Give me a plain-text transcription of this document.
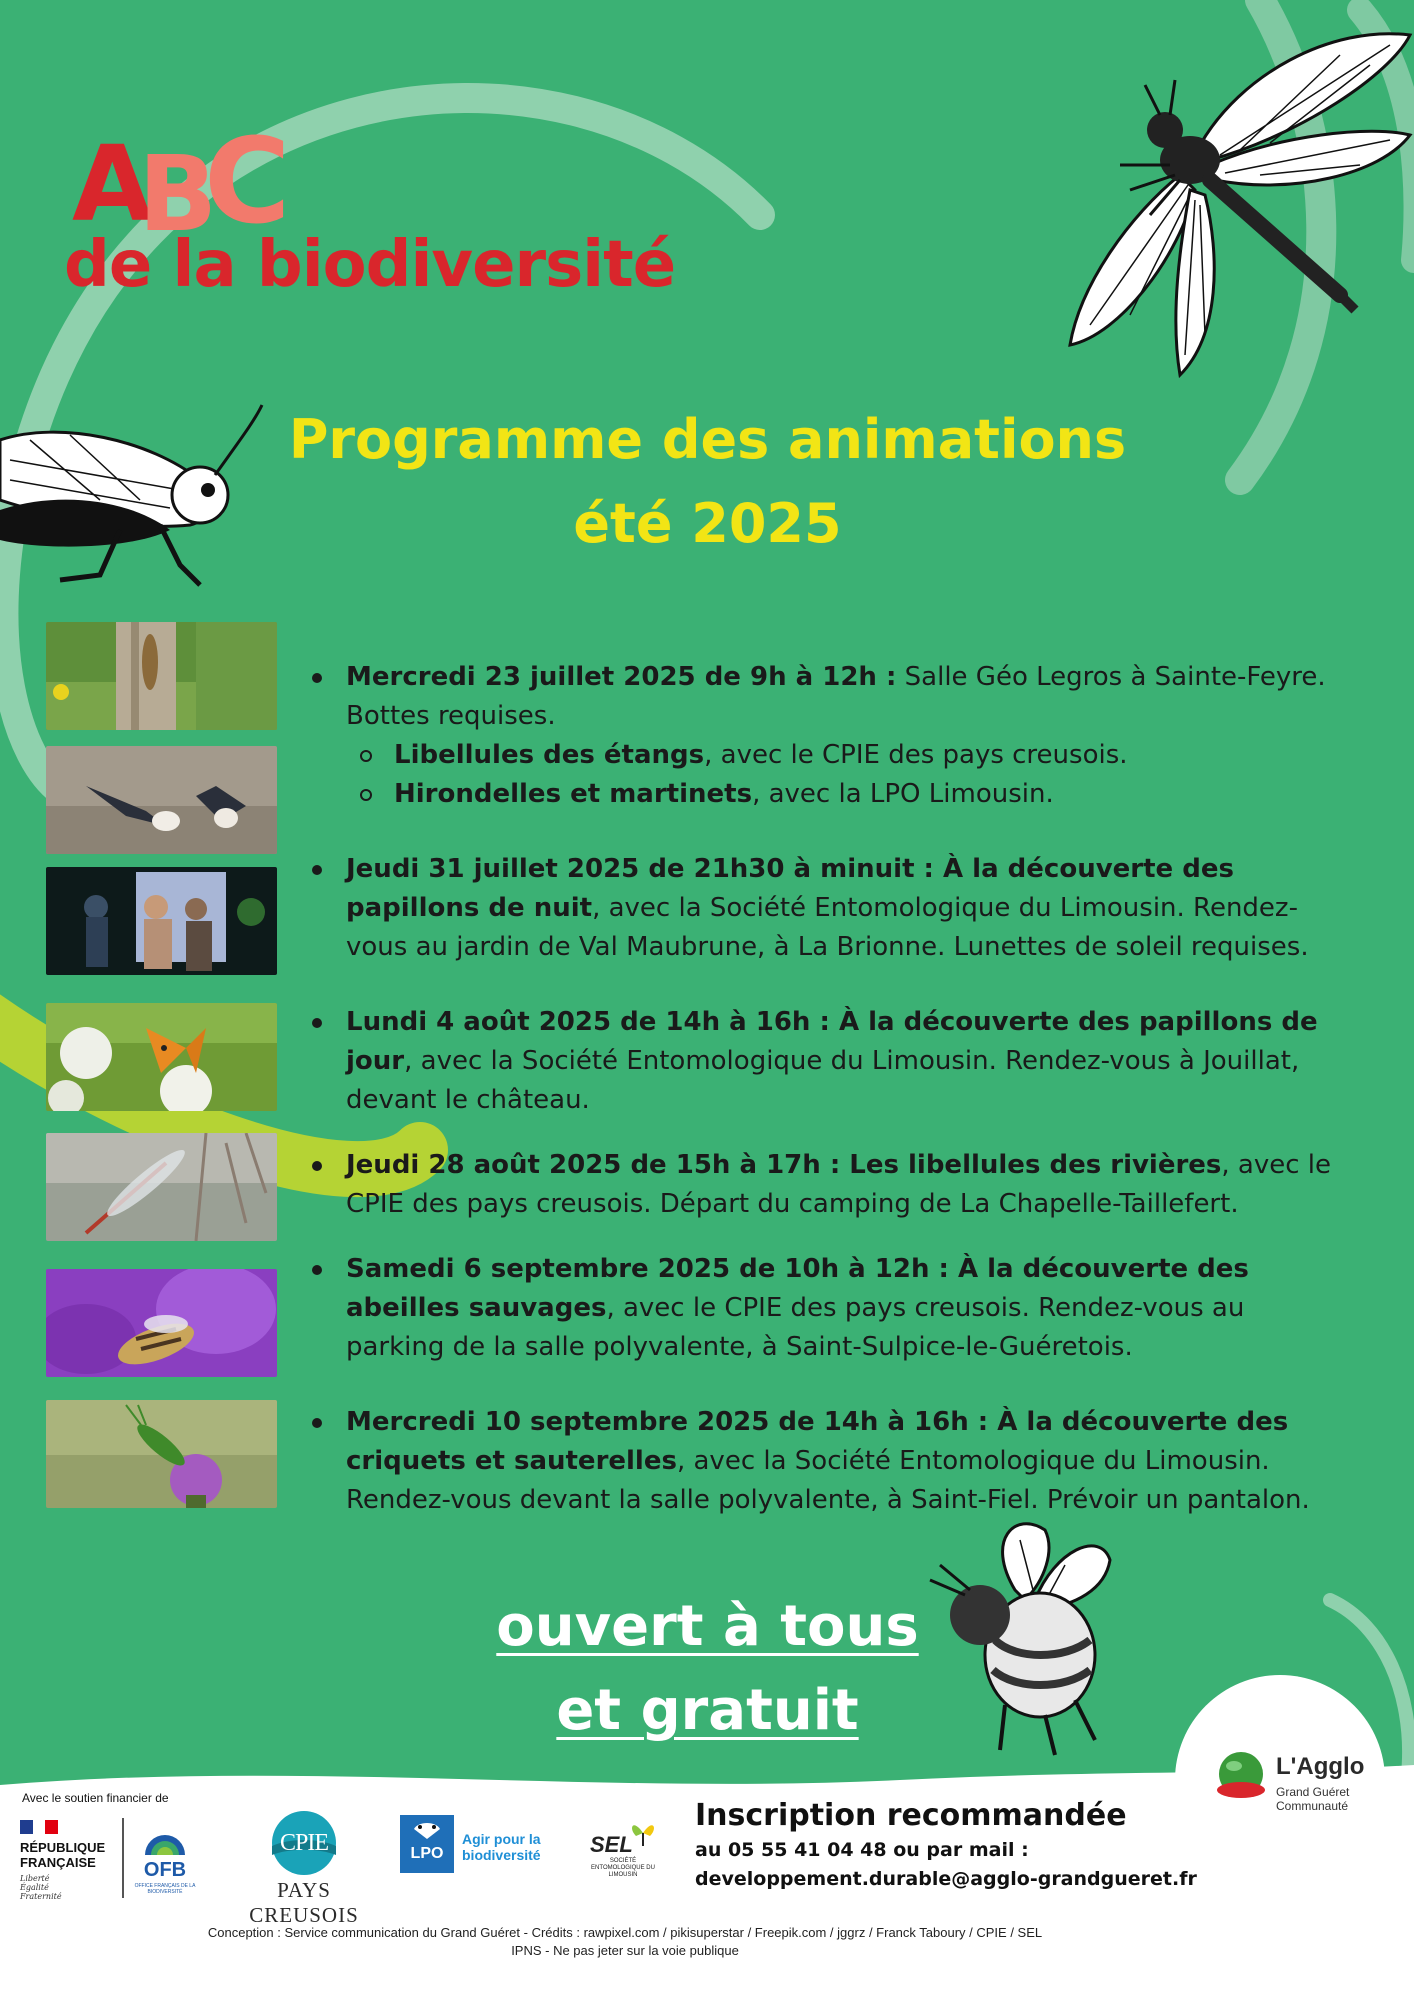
A
B
C
de la biodiversité
Programme des animations
été 2025
Mercredi 23 juillet 2025 de 9h à 12h : Salle Géo Legros à Sainte-Feyre. Bottes requises.
Libellules des étangs, avec le CPIE des pays creusois.
Hirondelles et martinets, avec la LPO Limousin.
Jeudi 31 juillet 2025 de 21h30 à minuit : À la découverte des papillons de nuit, avec la Société Entomologique du Limousin. Rendez-vous au jardin de Val Maubrune, à La Brionne. Lunettes de soleil requises.
Lundi 4 août 2025 de 14h à 16h : À la découverte des papillons de jour, avec la Société Entomologique du Limousin. Rendez-vous à Jouillat, devant le château.
Jeudi 28 août 2025 de 15h à 17h : Les libellules des rivières, avec le CPIE des pays creusois. Départ du camping de La Chapelle-Taillefert.
Samedi 6 septembre 2025 de 10h à 12h : À la découverte des abeilles sauvages, avec le CPIE des pays creusois. Rendez-vous au parking de la salle polyvalente, à Saint-Sulpice-le-Guéretois.
Mercredi 10 septembre 2025 de 14h à 16h : À la découverte des criquets et sauterelles, avec la Société Entomologique du Limousin. Rendez-vous devant la salle polyvalente, à Saint-Fiel. Prévoir un pantalon.
ouvert à tous
et gratuit
Avec le soutien financier de
RÉPUBLIQUE FRANÇAISE
Liberté Égalité Fraternité
OFB
OFFICE FRANÇAIS DE LA BIODIVERSITÉ
CPIE
PAYS CREUSOIS
LPO
Agir pour la biodiversité	SEL
SOCIÉTÉ ENTOMOLOGIQUE DU LIMOUSIN
Inscription recommandée
au 05 55 41 04 48 ou par mail :
developpement.durable@agglo-grandgueret.fr
L'Agglo
Grand Guéret
Communauté
Conception : Service communication du Grand Guéret - Crédits : rawpixel.com / pikisuperstar / Freepik.com / jggrz / Franck Taboury / CPIE / SEL
IPNS - Ne pas jeter sur la voie publique
